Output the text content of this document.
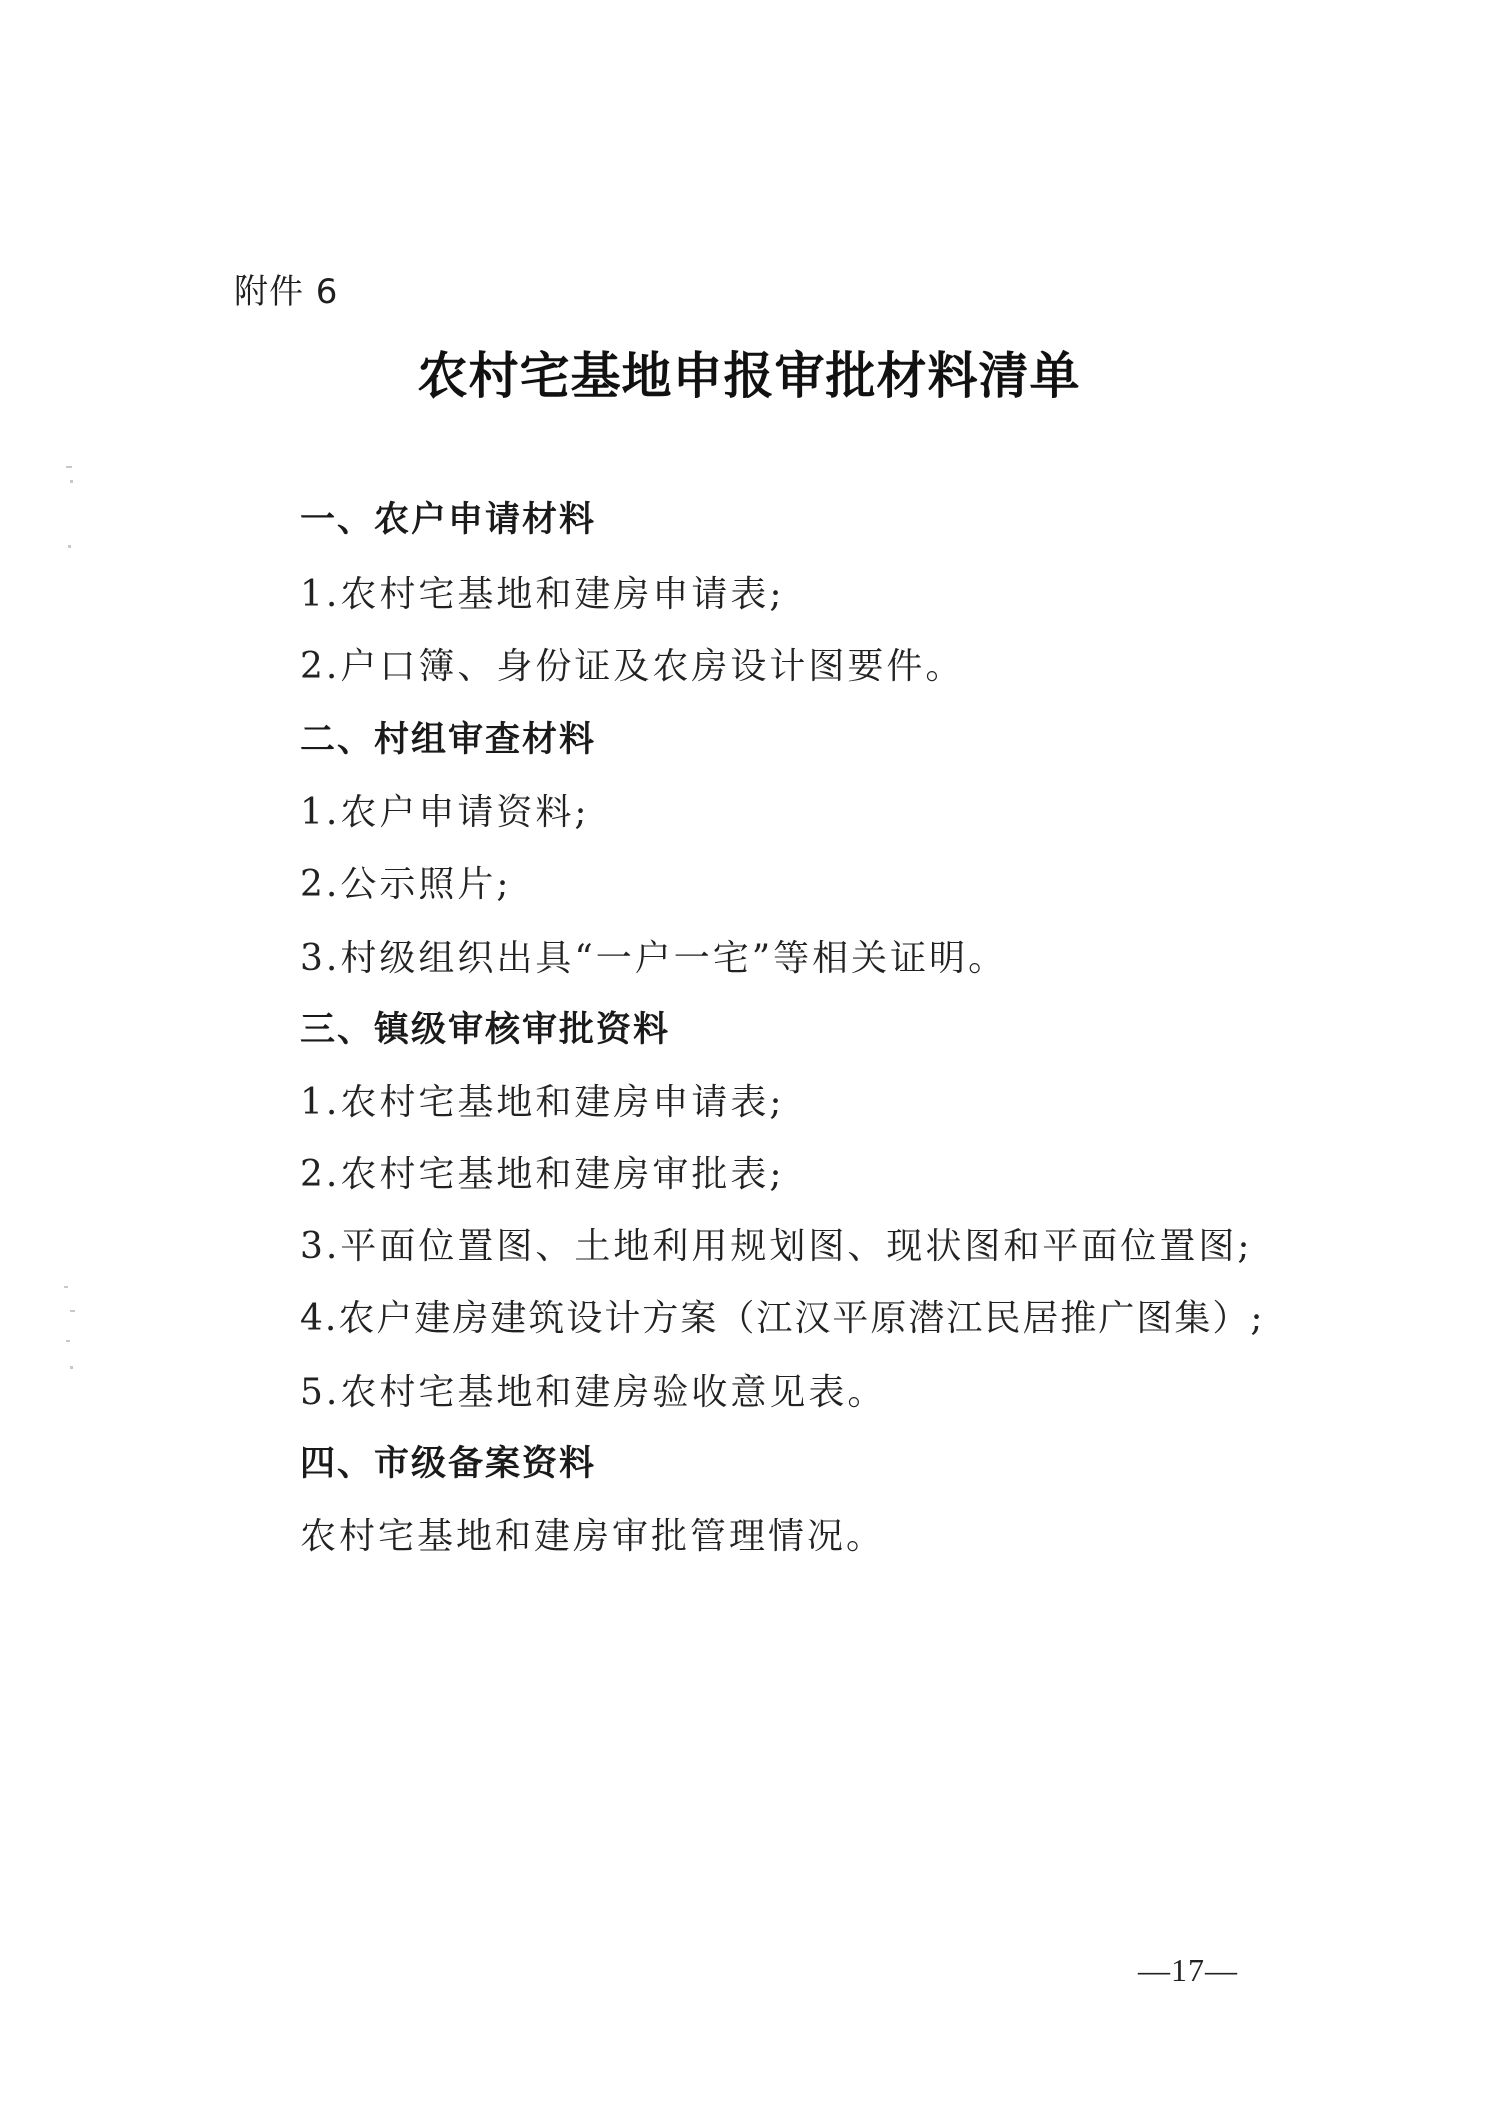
附件 6
农村宅基地申报审批材料清单
一、农户申请材料
1.农村宅基地和建房申请表;
2.户口簿、身份证及农房设计图要件。
二、村组审查材料
1.农户申请资料;
2.公示照片;
3.村级组织出具“一户一宅”等相关证明。
三、镇级审核审批资料
1.农村宅基地和建房申请表;
2.农村宅基地和建房审批表;
3.平面位置图、土地利用规划图、现状图和平面位置图;
4.农户建房建筑设计方案（江汉平原潜江民居推广图集）;
5.农村宅基地和建房验收意见表。
四、市级备案资料
农村宅基地和建房审批管理情况。
—17—
